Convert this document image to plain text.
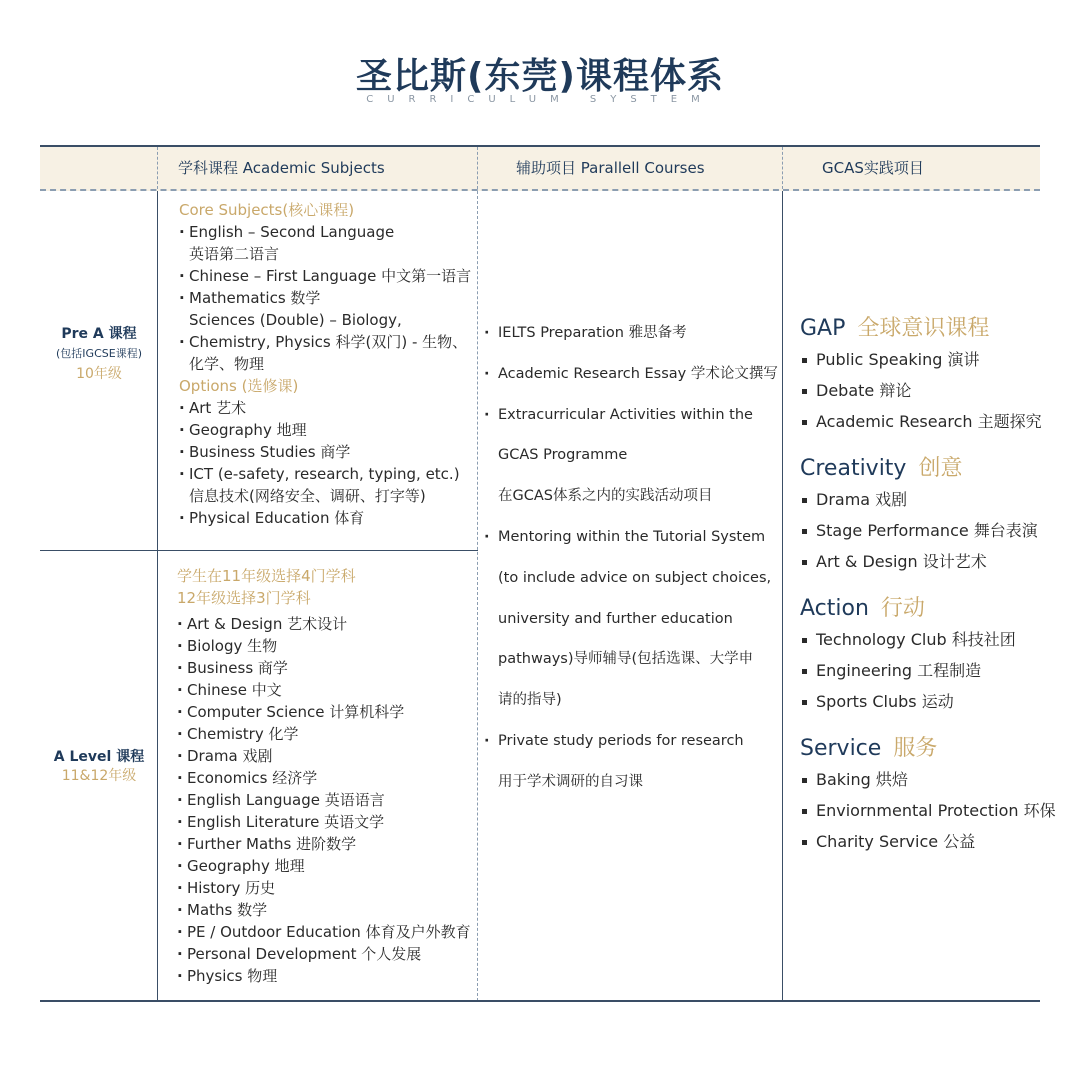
圣比斯(东莞)课程体系
CURRICULUM SYSTEM
学科课程 Academic Subjects	辅助项目 Parallell Courses	GCAS实践项目
Pre A 课程
(包括IGCSE课程)
10年级
A Level 课程
11&12年级
Core Subjects(核心课程)
· English – Second Language
英语第二语言
· Chinese – First Language 中文第一语言
· Mathematics 数学
Sciences (Double) – Biology,
· Chemistry, Physics 科学(双门) - 生物、
化学、物理
Options (选修课)
· Art 艺术
· Geography 地理
· Business Studies 商学
· ICT (e-safety, research, typing, etc.)
信息技术(网络安全、调研、打字等)
· Physical Education 体育
学生在11年级选择4门学科
12年级选择3门学科
· Art & Design 艺术设计
· Biology 生物
· Business 商学
· Chinese 中文
· Computer Science 计算机科学
· Chemistry 化学
· Drama 戏剧
· Economics 经济学
· English Language 英语语言
· English Literature 英语文学
· Further Maths 进阶数学
· Geography 地理
· History 历史
· Maths 数学
· PE / Outdoor Education 体育及户外教育
· Personal Development 个人发展
· Physics 物理
· IELTS Preparation 雅思备考
· Academic Research Essay 学术论文撰写
· Extracurricular Activities within the
GCAS Programme
在GCAS体系之内的实践活动项目
· Mentoring within the Tutorial System
(to include advice on subject choices,
university and further education
pathways)导师辅导(包括选课、大学申
请的指导)
· Private study periods for research
用于学术调研的自习课
GAP 全球意识课程
Public Speaking 演讲
Debate 辩论
Academic Research 主题探究
Creativity 创意
Drama 戏剧
Stage Performance 舞台表演
Art & Design 设计艺术
Action 行动
Technology Club 科技社团
Engineering 工程制造
Sports Clubs 运动
Service 服务
Baking 烘焙
Enviornmental Protection 环保
Charity Service 公益
